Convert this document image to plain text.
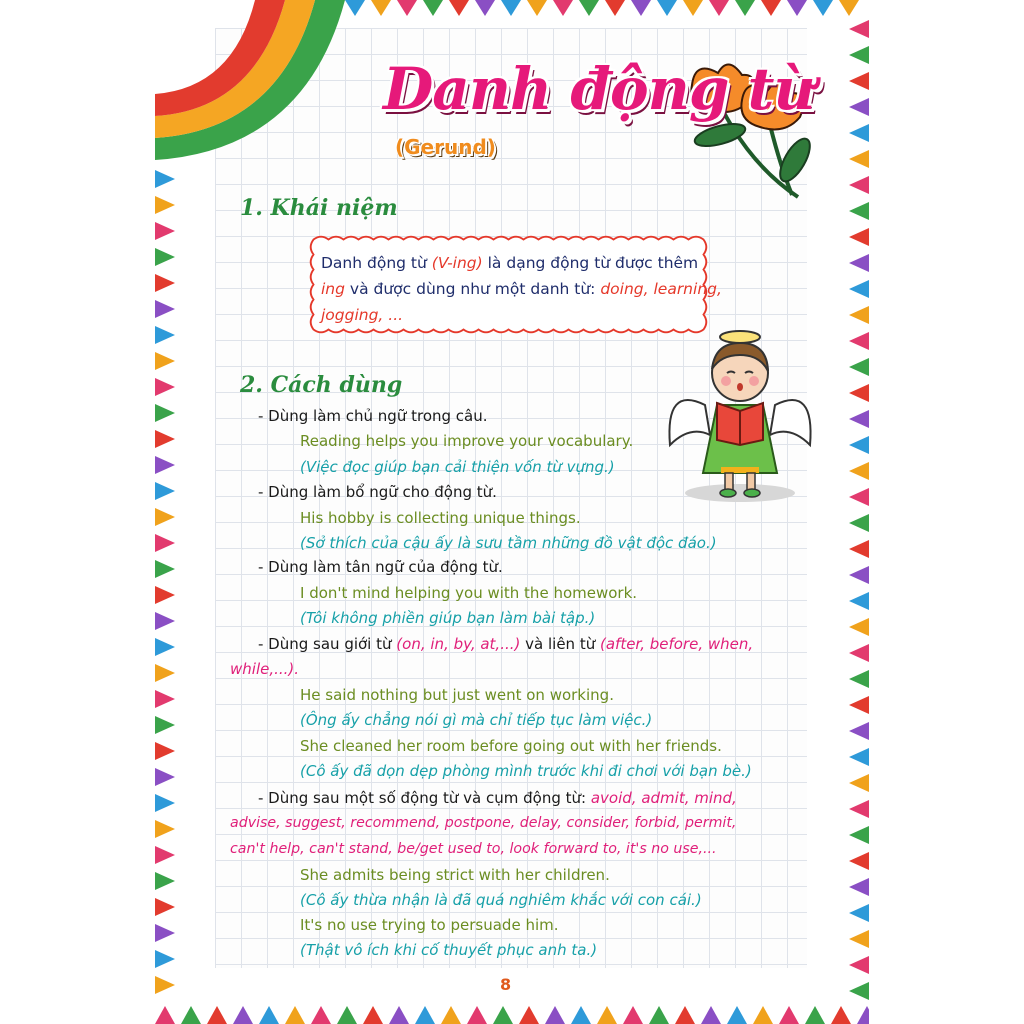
Danh động từ
(Gerund)
1. Khái niệm
Danh động từ (V-ing) là dạng động từ được thêm
ing và được dùng như một danh từ: doing, learning,
jogging, ...
2. Cách dùng
- Dùng làm chủ ngữ trong câu.
Reading helps you improve your vocabulary.
(Việc đọc giúp bạn cải thiện vốn từ vựng.)
- Dùng làm bổ ngữ cho động từ.
His hobby is collecting unique things.
(Sở thích của cậu ấy là sưu tầm những đồ vật độc đáo.)
- Dùng làm tân ngữ của động từ.
I don't mind helping you with the homework.
(Tôi không phiền giúp bạn làm bài tập.)
- Dùng sau giới từ (on, in, by, at,...) và liên từ (after, before, when,
while,...).
He said nothing but just went on working.
(Ông ấy chẳng nói gì mà chỉ tiếp tục làm việc.)
She cleaned her room before going out with her friends.
(Cô ấy đã dọn dẹp phòng mình trước khi đi chơi với bạn bè.)
- Dùng sau một số động từ và cụm động từ: avoid, admit, mind,
advise, suggest, recommend, postpone, delay, consider, forbid, permit,
can't help, can't stand, be/get used to, look forward to, it's no use,...
She admits being strict with her children.
(Cô ấy thừa nhận là đã quá nghiêm khắc với con cái.)
It's no use trying to persuade him.
(Thật vô ích khi cố thuyết phục anh ta.)
8
